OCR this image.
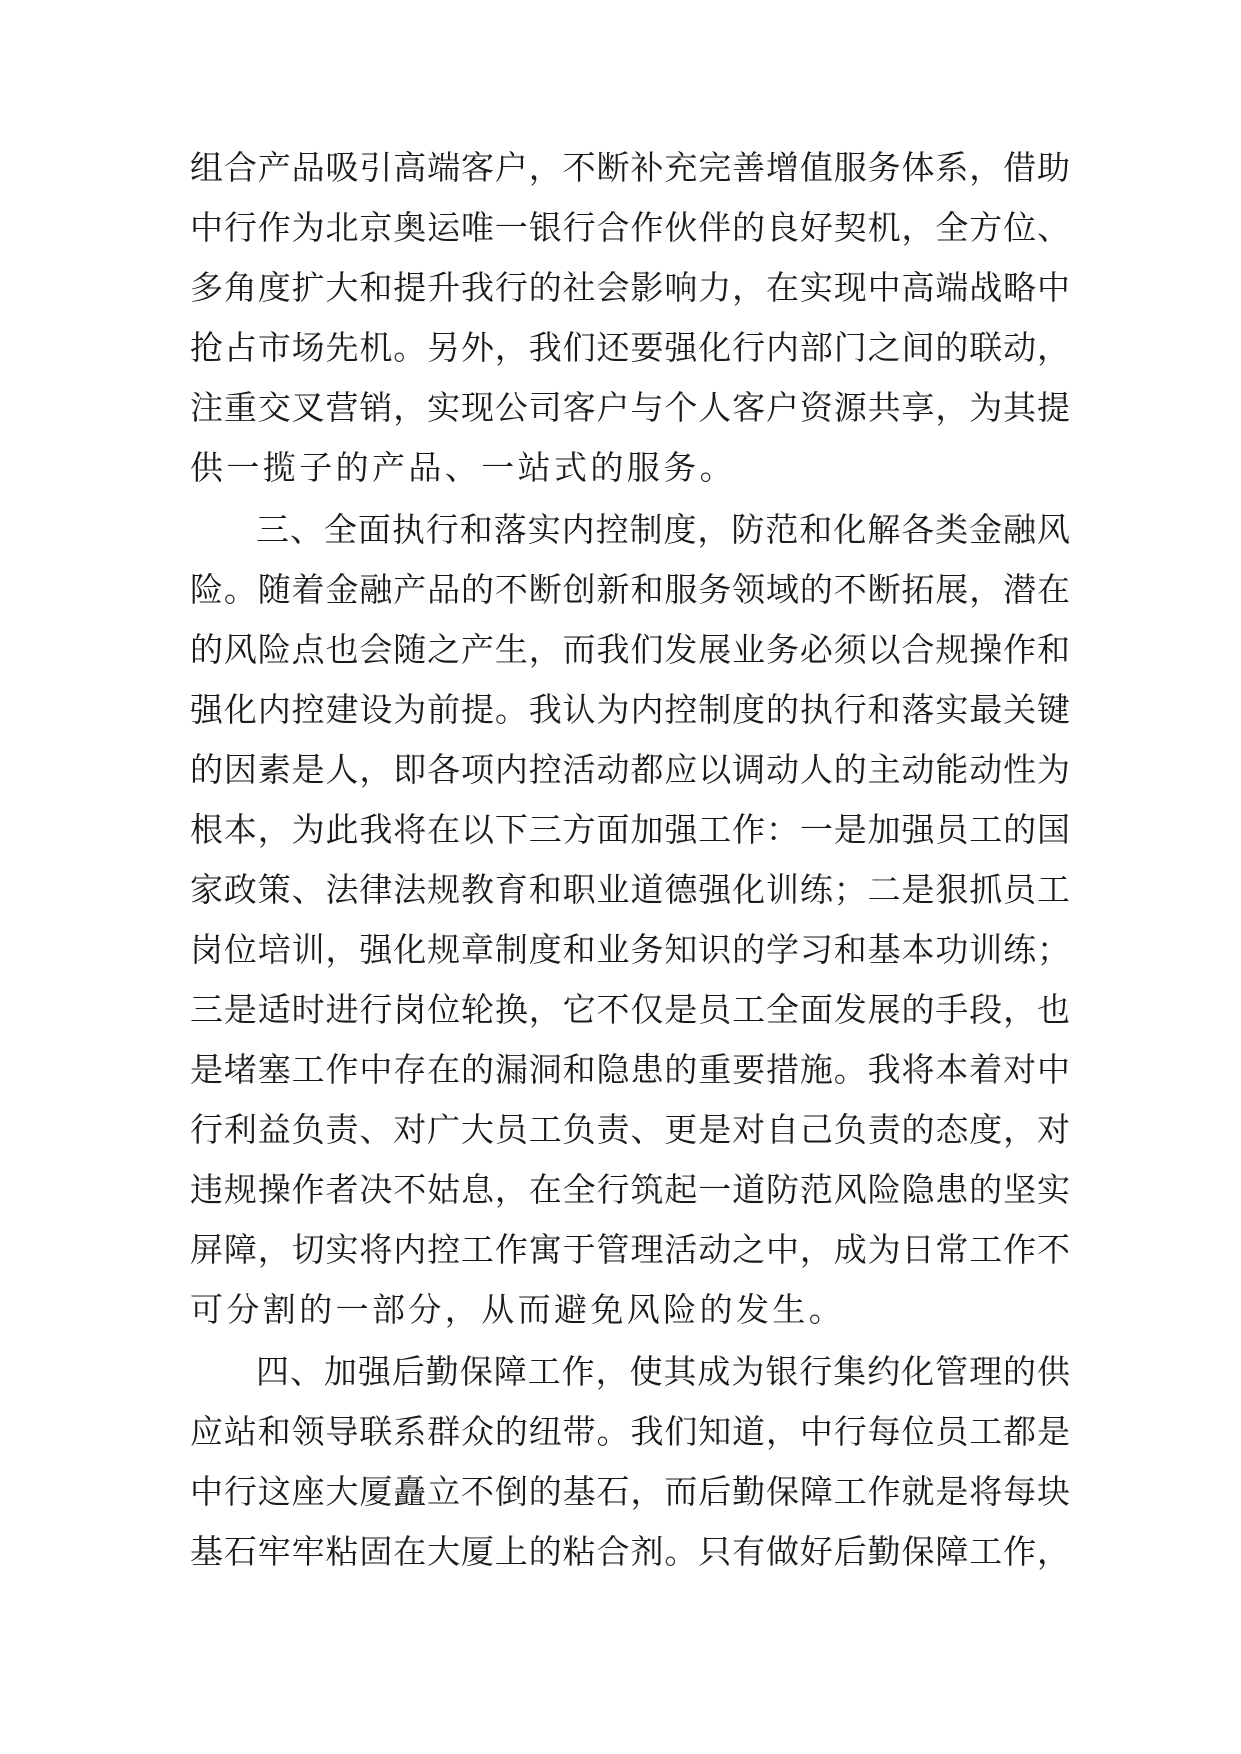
组合产品吸引高端客户，不断补充完善增值服务体系，借助
中行作为北京奥运唯一银行合作伙伴的良好契机，全方位、
多角度扩大和提升我行的社会影响力，在实现中高端战略中
抢占市场先机。另外，我们还要强化行内部门之间的联动，
注重交叉营销，实现公司客户与个人客户资源共享，为其提
供一揽子的产品、一站式的服务。
三、全面执行和落实内控制度，防范和化解各类金融风
险。随着金融产品的不断创新和服务领域的不断拓展，潜在
的风险点也会随之产生，而我们发展业务必须以合规操作和
强化内控建设为前提。我认为内控制度的执行和落实最关键
的因素是人，即各项内控活动都应以调动人的主动能动性为
根本，为此我将在以下三方面加强工作：一是加强员工的国
家政策、法律法规教育和职业道德强化训练；二是狠抓员工
岗位培训，强化规章制度和业务知识的学习和基本功训练；
三是适时进行岗位轮换，它不仅是员工全面发展的手段，也
是堵塞工作中存在的漏洞和隐患的重要措施。我将本着对中
行利益负责、对广大员工负责、更是对自己负责的态度，对
违规操作者决不姑息，在全行筑起一道防范风险隐患的坚实
屏障，切实将内控工作寓于管理活动之中，成为日常工作不
可分割的一部分，从而避免风险的发生。
四、加强后勤保障工作，使其成为银行集约化管理的供
应站和领导联系群众的纽带。我们知道，中行每位员工都是
中行这座大厦矗立不倒的基石，而后勤保障工作就是将每块
基石牢牢粘固在大厦上的粘合剂。只有做好后勤保障工作，
